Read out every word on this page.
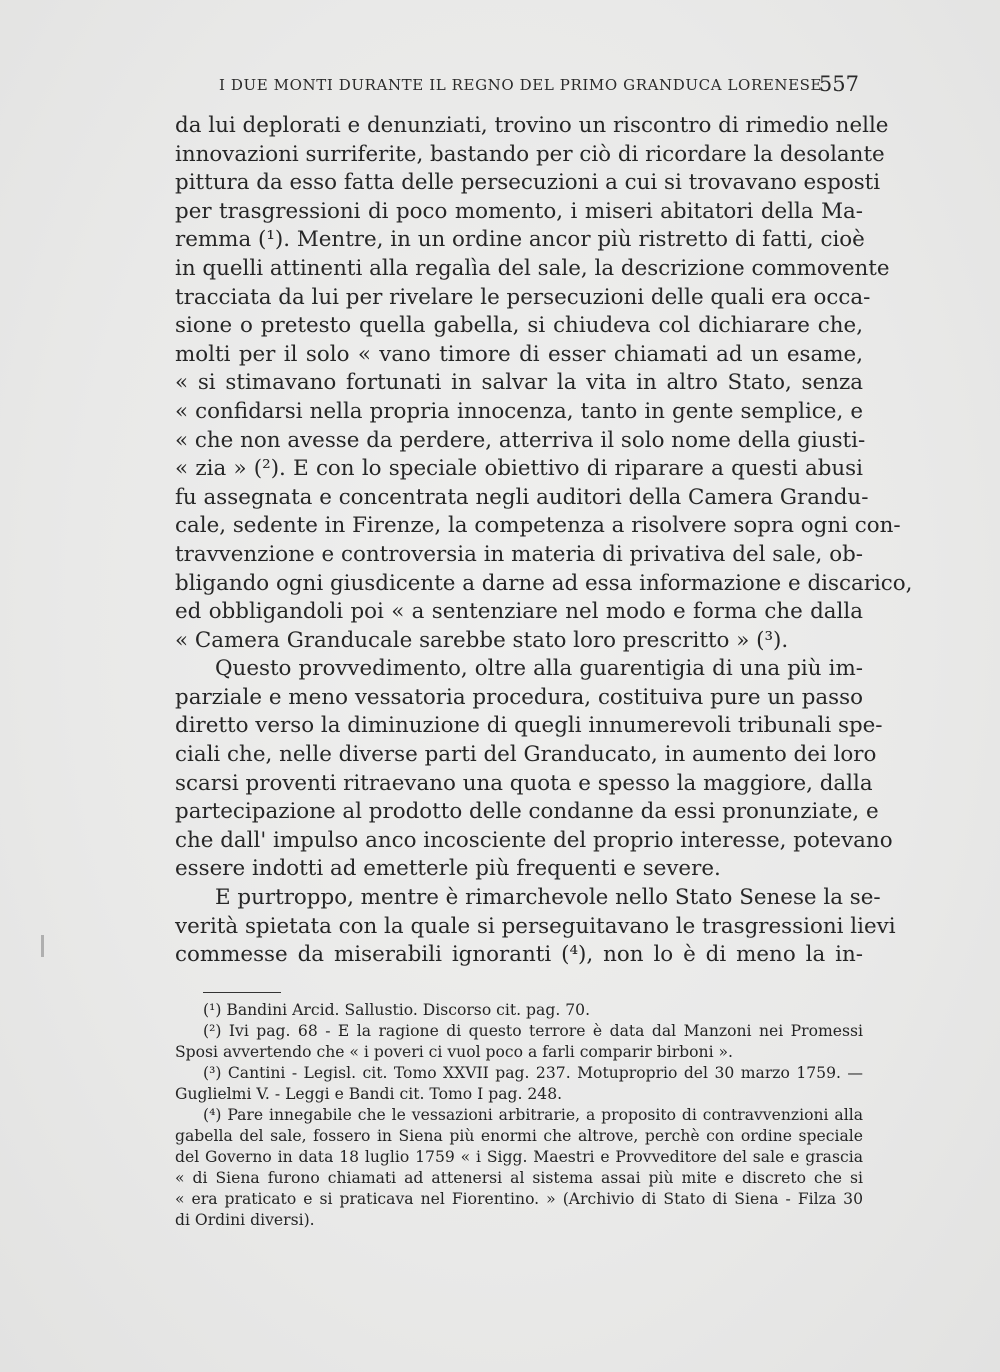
I DUE MONTI DURANTE IL REGNO DEL PRIMO GRANDUCA LORENESE
557
da lui deplorati e denunziati, trovino un riscontro di rimedio nelle
innovazioni surriferite, bastando per ciò di ricordare la desolante
pittura da esso fatta delle persecuzioni a cui si trovavano esposti
per trasgressioni di poco momento, i miseri abitatori della Ma-
remma (¹). Mentre, in un ordine ancor più ristretto di fatti, cioè
in quelli attinenti alla regalìa del sale, la descrizione commovente
tracciata da lui per rivelare le persecuzioni delle quali era occa-
sione o pretesto quella gabella, si chiudeva col dichiarare che,
molti per il solo « vano timore di esser chiamati ad un esame,
« si stimavano fortunati in salvar la vita in altro Stato, senza
« confidarsi nella propria innocenza, tanto in gente semplice, e
« che non avesse da perdere, atterriva il solo nome della giusti-
« zia » (²). E con lo speciale obiettivo di riparare a questi abusi
fu assegnata e concentrata negli auditori della Camera Grandu-
cale, sedente in Firenze, la competenza a risolvere sopra ogni con-
travvenzione e controversia in materia di privativa del sale, ob-
bligando ogni giusdicente a darne ad essa informazione e discarico,
ed obbligandoli poi « a sentenziare nel modo e forma che dalla
« Camera Granducale sarebbe stato loro prescritto » (³).
Questo provvedimento, oltre alla guarentigia di una più im-
parziale e meno vessatoria procedura, costituiva pure un passo
diretto verso la diminuzione di quegli innumerevoli tribunali spe-
ciali che, nelle diverse parti del Granducato, in aumento dei loro
scarsi proventi ritraevano una quota e spesso la maggiore, dalla
partecipazione al prodotto delle condanne da essi pronunziate, e
che dall' impulso anco incosciente del proprio interesse, potevano
essere indotti ad emetterle più frequenti e severe.
E purtroppo, mentre è rimarchevole nello Stato Senese la se-
verità spietata con la quale si perseguitavano le trasgressioni lievi
commesse da miserabili ignoranti (⁴), non lo è di meno la in-
(¹) Bandini Arcid. Sallustio. Discorso cit. pag. 70.
(²) Ivi pag. 68 - E la ragione di questo terrore è data dal Manzoni nei Promessi
Sposi avvertendo che « i poveri ci vuol poco a farli comparir birboni ».
(³) Cantini - Legisl. cit. Tomo XXVII pag. 237. Motuproprio del 30 marzo 1759. —
Guglielmi V. - Leggi e Bandi cit. Tomo I pag. 248.
(⁴) Pare innegabile che le vessazioni arbitrarie, a proposito di contravvenzioni alla
gabella del sale, fossero in Siena più enormi che altrove, perchè con ordine speciale
del Governo in data 18 luglio 1759 « i Sigg. Maestri e Provveditore del sale e grascia
« di Siena furono chiamati ad attenersi al sistema assai più mite e discreto che si
« era praticato e si praticava nel Fiorentino. » (Archivio di Stato di Siena - Filza 30
di Ordini diversi).
